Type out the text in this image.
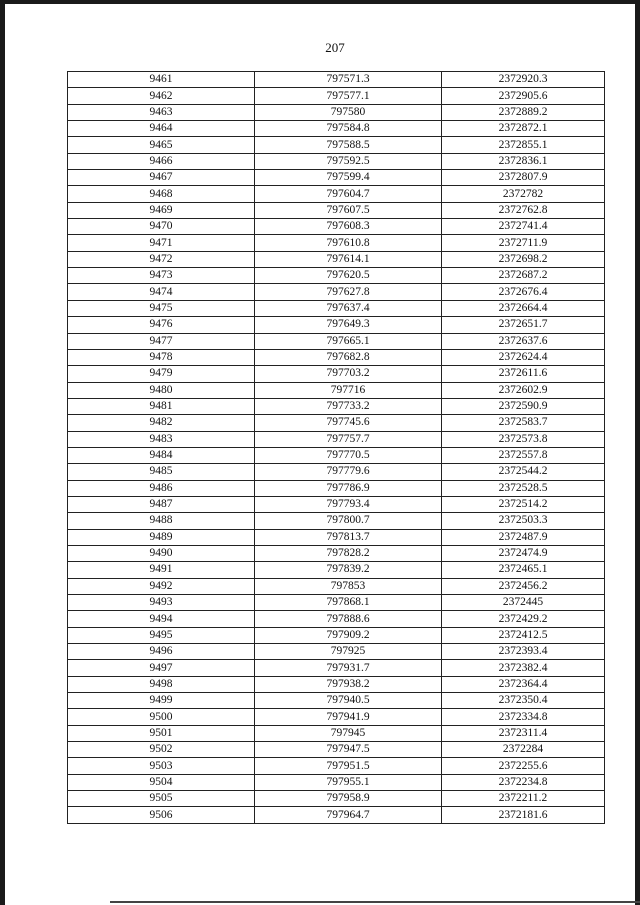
207
9461	797571.3	2372920.3
9462	797577.1	2372905.6
9463	797580	2372889.2
9464	797584.8	2372872.1
9465	797588.5	2372855.1
9466	797592.5	2372836.1
9467	797599.4	2372807.9
9468	797604.7	2372782
9469	797607.5	2372762.8
9470	797608.3	2372741.4
9471	797610.8	2372711.9
9472	797614.1	2372698.2
9473	797620.5	2372687.2
9474	797627.8	2372676.4
9475	797637.4	2372664.4
9476	797649.3	2372651.7
9477	797665.1	2372637.6
9478	797682.8	2372624.4
9479	797703.2	2372611.6
9480	797716	2372602.9
9481	797733.2	2372590.9
9482	797745.6	2372583.7
9483	797757.7	2372573.8
9484	797770.5	2372557.8
9485	797779.6	2372544.2
9486	797786.9	2372528.5
9487	797793.4	2372514.2
9488	797800.7	2372503.3
9489	797813.7	2372487.9
9490	797828.2	2372474.9
9491	797839.2	2372465.1
9492	797853	2372456.2
9493	797868.1	2372445
9494	797888.6	2372429.2
9495	797909.2	2372412.5
9496	797925	2372393.4
9497	797931.7	2372382.4
9498	797938.2	2372364.4
9499	797940.5	2372350.4
9500	797941.9	2372334.8
9501	797945	2372311.4
9502	797947.5	2372284
9503	797951.5	2372255.6
9504	797955.1	2372234.8
9505	797958.9	2372211.2
9506	797964.7	2372181.6
